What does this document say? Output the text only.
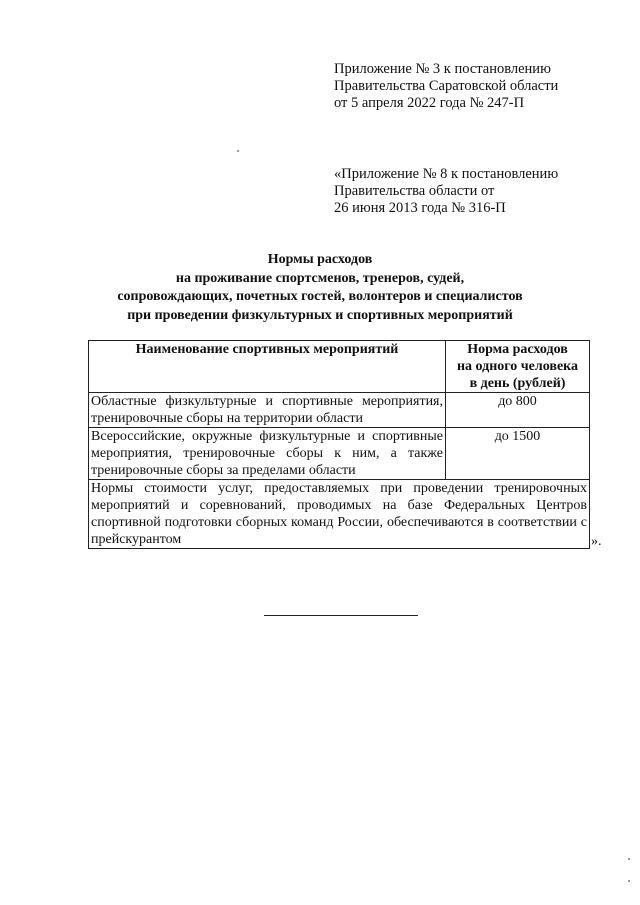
Приложение № 3 к постановлению
Правительства Саратовской области
от 5 апреля 2022 года № 247-П
«Приложение № 8 к постановлению
Правительства области от
26 июня 2013 года № 316-П
Нормы расходов
на проживание спортсменов, тренеров, судей,
сопровождающих, почетных гостей, волонтеров и специалистов
при проведении физкультурных и спортивных мероприятий
Наименование спортивных мероприятий	Норма расходов
на одного человека
в день (рублей)

Областные физкультурные и спортивные мероприятия, тренировочные сборы на территории области	до 800
Всероссийские, окружные физкультурные и спортивные мероприятия, тренировочные сборы к ним, а также тренировочные сборы за пределами области	до 1500
Нормы стоимости услуг, предоставляемых при проведении тренировочных мероприятий и соревнований, проводимых на базе Федеральных Центров спортивной подготовки сборных команд России, обеспечиваются в соответствии с прейскурантом		».
